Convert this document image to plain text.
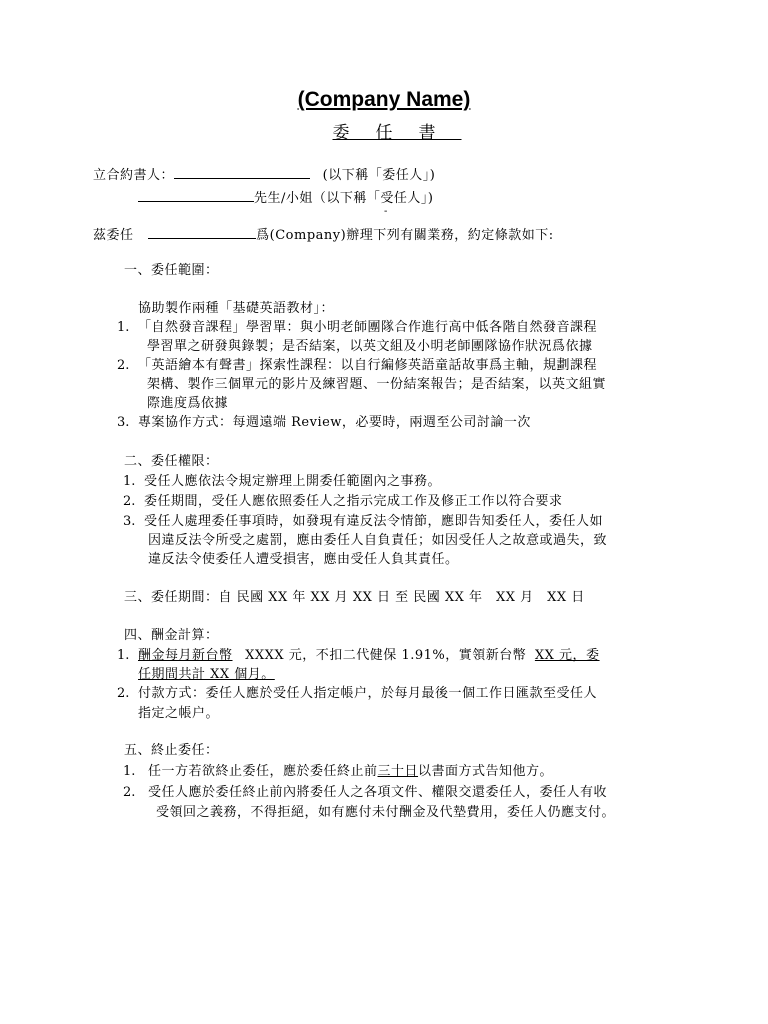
(Company Name)
委任書
立合約書人：	(以下稱「委任人」)
先生/小姐（以下稱「受任人」)
-
茲委任	爲(Company)辦理下列有關業務，約定條款如下:
一、委任範圍：
協助製作兩種「基礎英語教材」：
1. 「自然發音課程」學習單：與小明老師團隊合作進行高中低各階自然發音課程
學習單之研發與錄製；是否結案，以英文組及小明老師團隊協作狀況爲依據
2. 「英語繪本有聲書」探索性課程：以自行編修英語童話故事爲主軸，規劃課程
架構、製作三個單元的影片及練習題、一份結案報告；是否結案，以英文組實
際進度爲依據
3. 專案協作方式：每週遠端 Review，必要時，兩週至公司討論一次
二、委任權限：
1. 受任人應依法令規定辦理上開委任範圍內之事務。
2. 委任期間，受任人應依照委任人之指示完成工作及修正工作以符合要求
3. 受任人處理委任事項時，如發現有違反法令情節，應即告知委任人，委任人如
因違反法令所受之處罰，應由委任人自負責任；如因受任人之故意或過失，致
違反法令使委任人遭受損害，應由受任人負其責任。
三、委任期間：自 民國 XX 年 XX 月 XX 日 至 民國 XX 年　XX 月　XX 日
四、酬金計算：
1. 酬金每月新台幣 XXXX 元，不扣二代健保 1.91%，實領新台幣 XX 元，委
任期間共計 XX 個月。
2. 付款方式：委任人應於受任人指定帳户，於每月最後一個工作日匯款至受任人
指定之帳户。
五、終止委任：
1. 任一方若欲終止委任，應於委任終止前三十日以書面方式告知他方。
2. 受任人應於委任終止前內將委任人之各項文件、權限交還委任人，委任人有收
受領回之義務，不得拒絕，如有應付未付酬金及代墊費用，委任人仍應支付。
